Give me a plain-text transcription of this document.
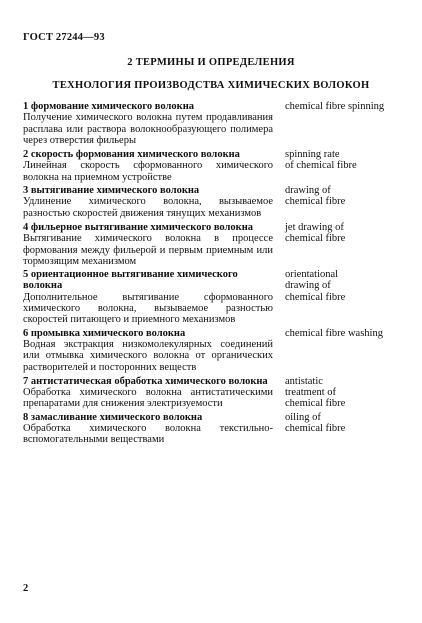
ГОСТ 27244—93
2 ТЕРМИНЫ И ОПРЕДЕЛЕНИЯ
ТЕХНОЛОГИЯ ПРОИЗВОДСТВА ХИМИЧЕСКИХ ВОЛОКОН
1 формование химического волокна
Получение химического волокна путем продавливания расплава или раствора волокнообразующего полимера через отверстия фильеры
chemical fibre spinning
2 скорость формования химического волокна
Линейная скорость сформованного химического волокна на приемном устройстве
spinning rate
of chemical fibre
3 вытягивание химического волокна
Удлинение химического волокна, вызываемое разностью скоростей движения тянущих механизмов
drawing of
chemical fibre
4 фильерное вытягивание химического волокна
Вытягивание химического волокна в процессе формования между фильерой и первым приемным или тормозящим механизмом
jet drawing of
chemical fibre
5 ориентационное вытягивание химического волокна
Дополнительное вытягивание сформованного химического волокна, вызываемое разностью скоростей питающего и приемного механизмов
orientational
drawing of
chemical fibre
6 промывка химического волокна
Водная экстракция низкомолекулярных соединений или отмывка химического волокна от органических растворителей и посторонних веществ
chemical fibre washing
7 антистатическая обработка химического волокна
Обработка химического волокна антистатическими препаратами для снижения электризуемости
antistatic
treatment of
chemical fibre
8 замасливание химического волокна
Обработка химического волокна текстильно-вспомогательными веществами
oiling of
chemical fibre
2
